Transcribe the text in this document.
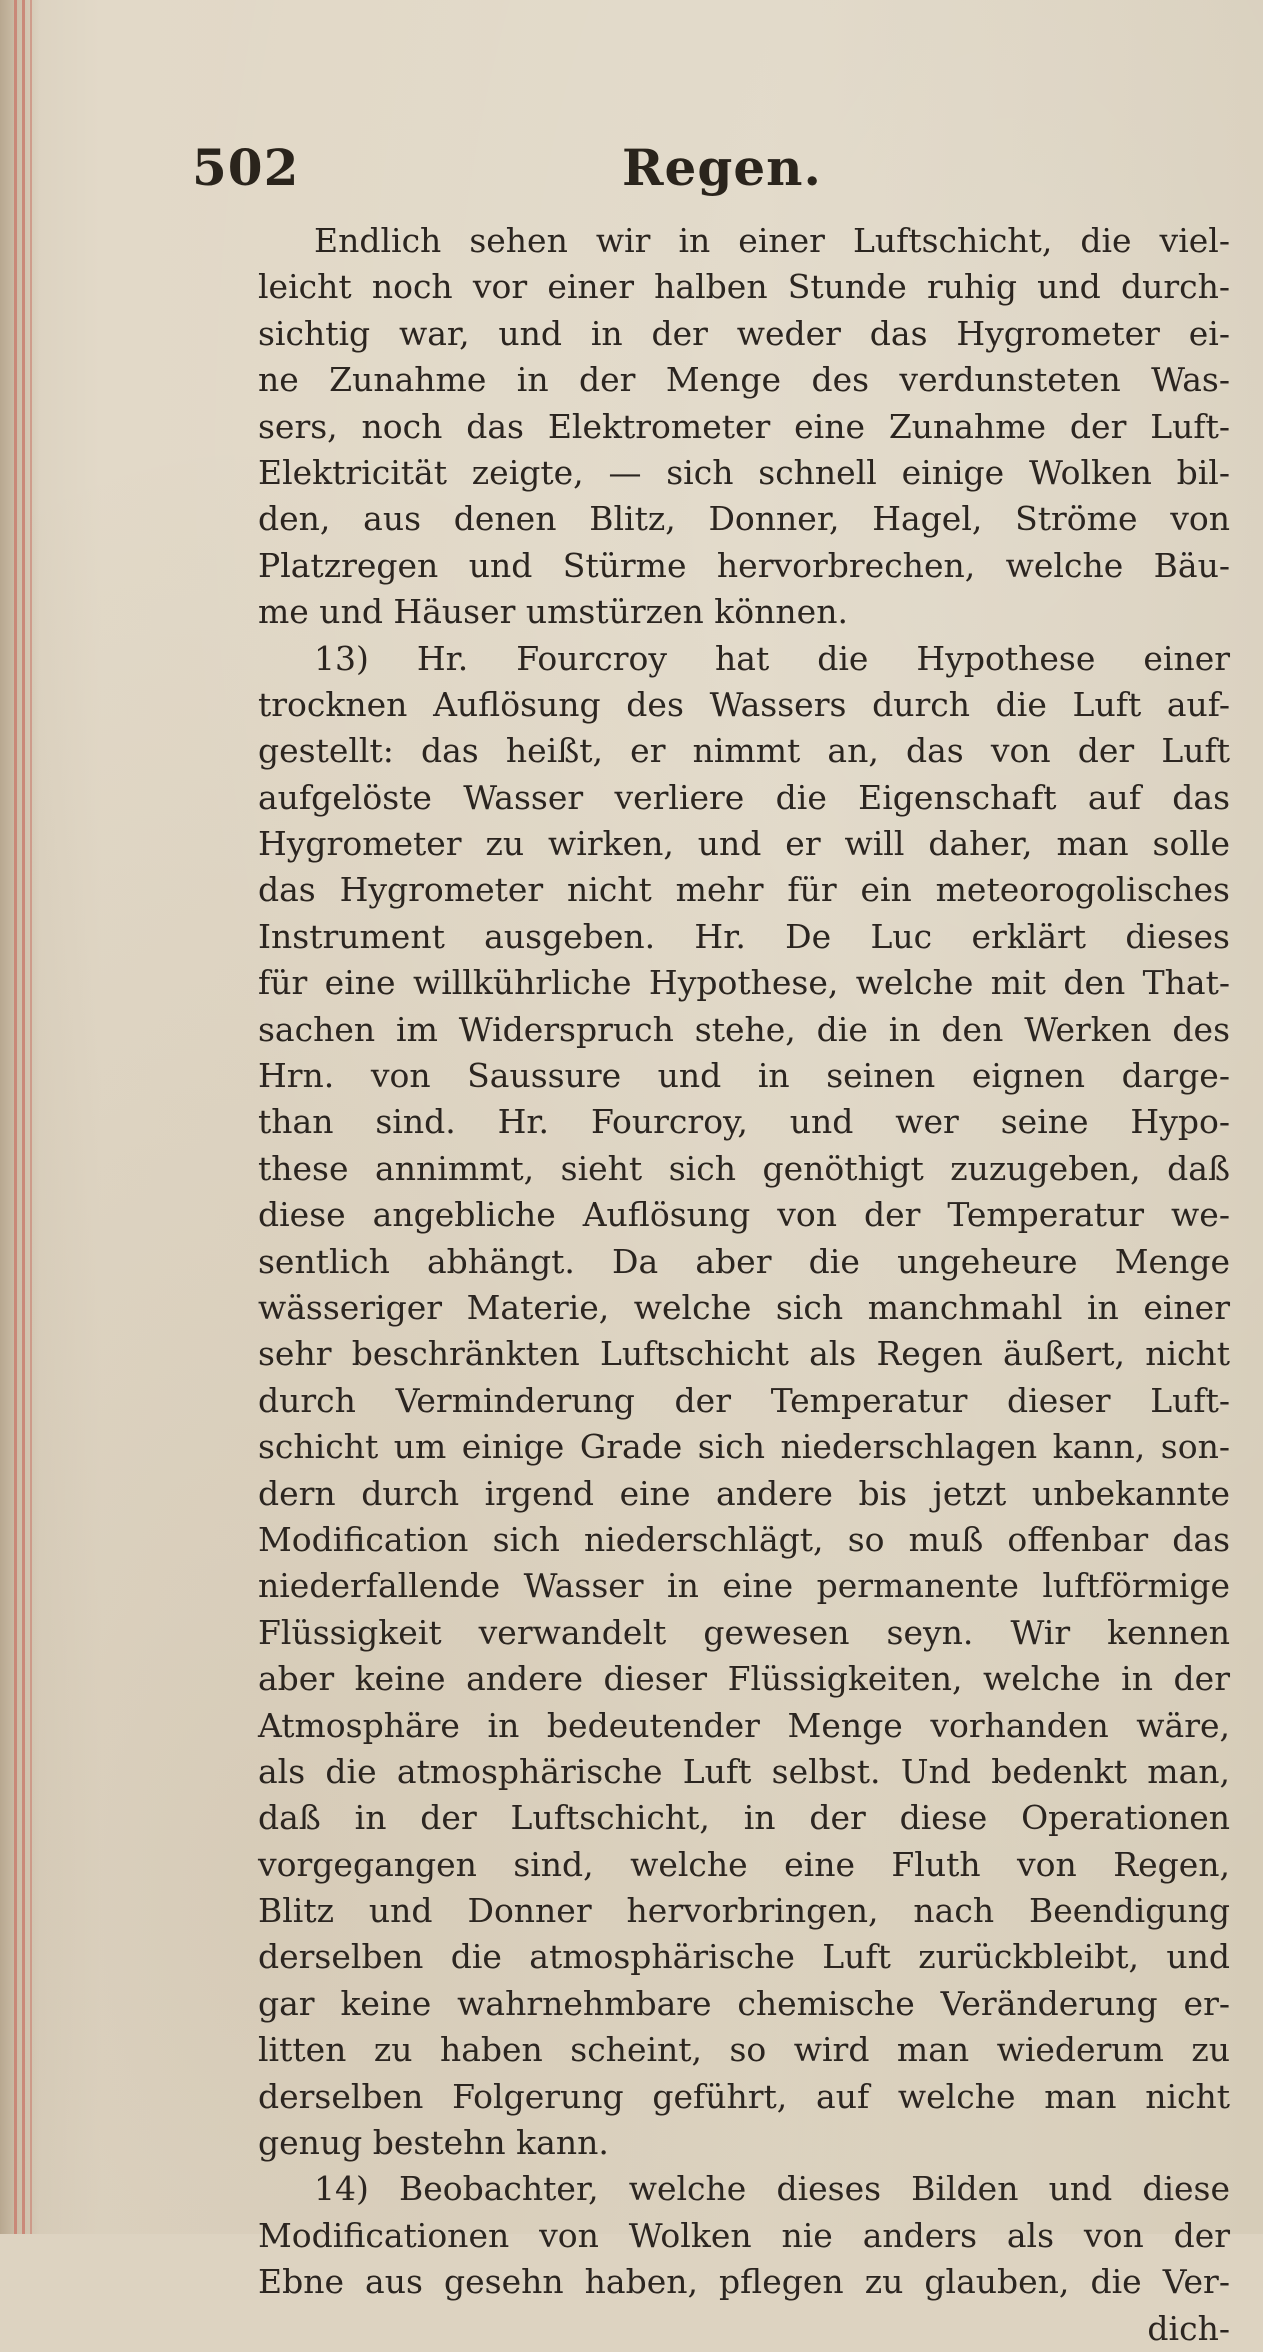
502	Regen.
Endlich sehen wir in einer Luftschicht, die viel-
leicht noch vor einer halben Stunde ruhig und durch-
sichtig war, und in der weder das Hygrometer ei-
ne Zunahme in der Menge des verdunsteten Was-
sers, noch das Elektrometer eine Zunahme der Luft-
Elektricität zeigte, — sich schnell einige Wolken bil-
den, aus denen Blitz, Donner, Hagel, Ströme von
Platzregen und Stürme hervorbrechen, welche Bäu-
me und Häuser umstürzen können.
13) Hr. Fourcroy hat die Hypothese einer
trocknen Auflösung des Wassers durch die Luft auf-
gestellt: das heißt, er nimmt an, das von der Luft
aufgelöste Wasser verliere die Eigenschaft auf das
Hygrometer zu wirken, und er will daher, man solle
das Hygrometer nicht mehr für ein meteorogolisches
Instrument ausgeben. Hr. De Luc erklärt dieses
für eine willkührliche Hypothese, welche mit den That-
sachen im Widerspruch stehe, die in den Werken des
Hrn. von Saussure und in seinen eignen darge-
than sind. Hr. Fourcroy, und wer seine Hypo-
these annimmt, sieht sich genöthigt zuzugeben, daß
diese angebliche Auflösung von der Temperatur we-
sentlich abhängt. Da aber die ungeheure Menge
wässeriger Materie, welche sich manchmahl in einer
sehr beschränkten Luftschicht als Regen äußert, nicht
durch Verminderung der Temperatur dieser Luft-
schicht um einige Grade sich niederschlagen kann, son-
dern durch irgend eine andere bis jetzt unbekannte
Modification sich niederschlägt, so muß offenbar das
niederfallende Wasser in eine permanente luftförmige
Flüssigkeit verwandelt gewesen seyn. Wir kennen
aber keine andere dieser Flüssigkeiten, welche in der
Atmosphäre in bedeutender Menge vorhanden wäre,
als die atmosphärische Luft selbst. Und bedenkt man,
daß in der Luftschicht, in der diese Operationen
vorgegangen sind, welche eine Fluth von Regen,
Blitz und Donner hervorbringen, nach Beendigung
derselben die atmosphärische Luft zurückbleibt, und
gar keine wahrnehmbare chemische Veränderung er-
litten zu haben scheint, so wird man wiederum zu
derselben Folgerung geführt, auf welche man nicht
genug bestehn kann.
14) Beobachter, welche dieses Bilden und diese
Modificationen von Wolken nie anders als von der
Ebne aus gesehn haben, pflegen zu glauben, die Ver-
dich-
